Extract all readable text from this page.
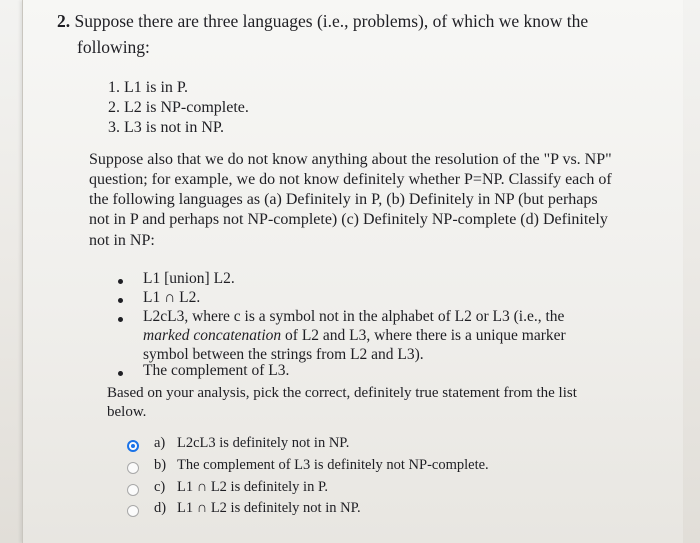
2. Suppose there are three languages (i.e., problems), of which we know the
following:
1. L1 is in P.
2. L2 is NP-complete.
3. L3 is not in NP.
Suppose also that we do not know anything about the resolution of the "P vs. NP"
question; for example, we do not know definitely whether P=NP. Classify each of
the following languages as (a) Definitely in P, (b) Definitely in NP (but perhaps
not in P and perhaps not NP-complete) (c) Definitely NP-complete (d) Definitely
not in NP:
L1 [union] L2.
L1 ∩ L2.
L2cL3, where c is a symbol not in the alphabet of L2 or L3 (i.e., the
marked concatenation of L2 and L3, where there is a unique marker
symbol between the strings from L2 and L3).
The complement of L3.
Based on your analysis, pick the correct, definitely true statement from the list
below.
a) L2cL3 is definitely not in NP.
b) The complement of L3 is definitely not NP-complete.
c) L1 ∩ L2 is definitely in P.
d) L1 ∩ L2 is definitely not in NP.
